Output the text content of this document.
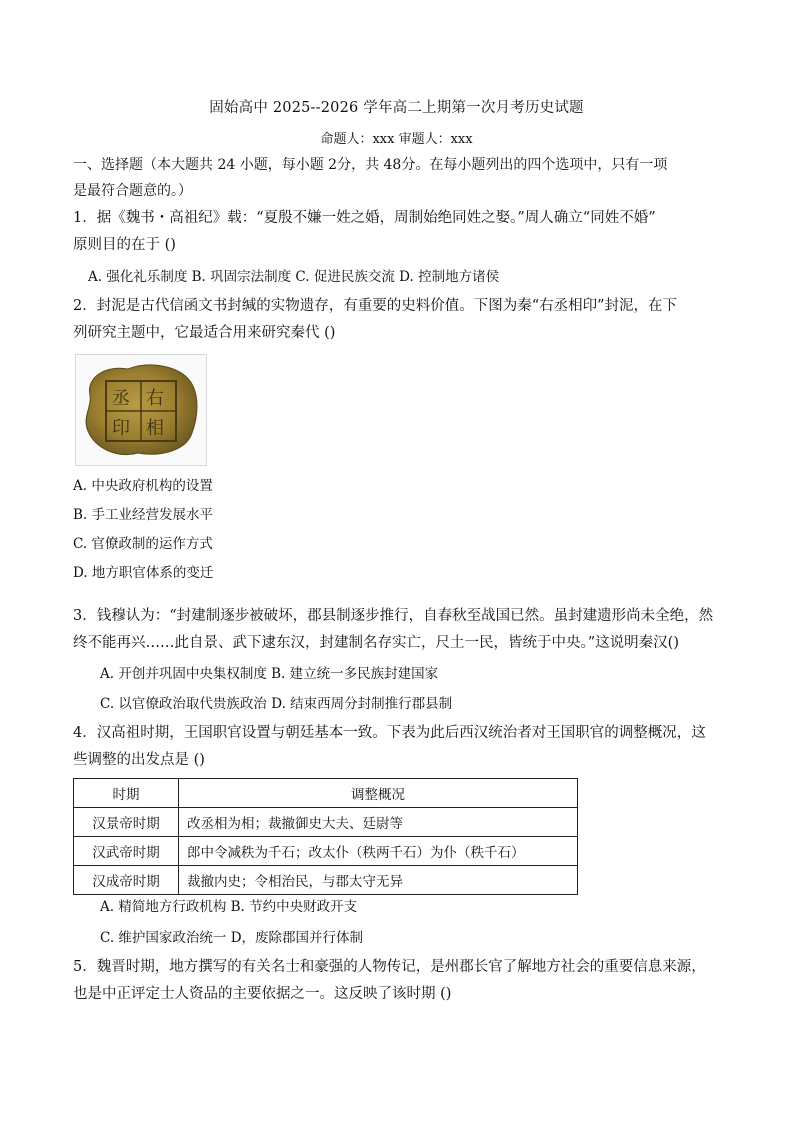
固始高中 2025--2026 学年高二上期第一次月考历史试题
命题人：xxx 审题人：xxx
一、选择题（本大题共 24 小题，每小题 2分，共 48分。在每小题列出的四个选项中，只有一项
是最符合题意的。）
1．据《魏书・高祖纪》载：“夏殷不嫌一姓之婚，周制始绝同姓之娶。”周人确立“同姓不婚”
原则目的在于 ()
A. 强化礼乐制度 B. 巩固宗法制度 C. 促进民族交流 D. 控制地方诸侯
2．封泥是古代信函文书封缄的实物遗存，有重要的史料价值。下图为秦“右丞相印”封泥，在下
列研究主题中，它最适合用来研究秦代 ()
右
丞
相
印
A. 中央政府机构的设置
B. 手工业经营发展水平
C. 官僚政制的运作方式
D. 地方职官体系的变迁
3．钱穆认为：“封建制逐步被破坏，郡县制逐步推行，自春秋至战国已然。虽封建遗形尚未全绝，然
终不能再兴……此自景、武下逮东汉，封建制名存实亡，尺土一民，皆统于中央。”这说明秦汉()
A. 开创并巩固中央集权制度 B. 建立统一多民族封建国家
C. 以官僚政治取代贵族政治 D. 结束西周分封制推行郡县制
4．汉高祖时期，王国职官设置与朝廷基本一致。下表为此后西汉统治者对王国职官的调整概况，这
些调整的出发点是 ()
时期	调整概况
汉景帝时期	改丞相为相；裁撤御史大夫、廷尉等
汉武帝时期	郎中令减秩为千石；改太仆（秩两千石）为仆（秩千石）
汉成帝时期	裁撤内史；令相治民，与郡太守无异
A. 精简地方行政机构 B. 节约中央财政开支
C. 维护国家政治统一 D，废除郡国并行体制
5．魏晋时期，地方撰写的有关名士和豪强的人物传记，是州郡长官了解地方社会的重要信息来源，
也是中正评定士人资品的主要依据之一。这反映了该时期 ()
